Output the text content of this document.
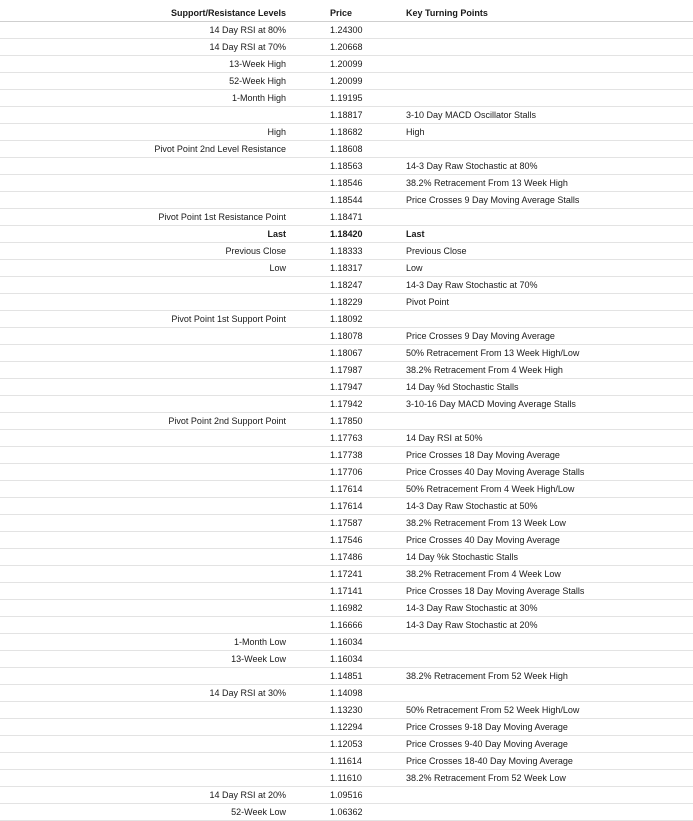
Support/Resistance Levels	Price	Key Turning Points
14 Day RSI at 80%	1.24300	
14 Day RSI at 70%	1.20668	
13-Week High	1.20099	
52-Week High	1.20099	
1-Month High	1.19195	
	1.18817	3-10 Day MACD Oscillator Stalls
High	1.18682	High
Pivot Point 2nd Level Resistance	1.18608	
	1.18563	14-3 Day Raw Stochastic at 80%
	1.18546	38.2% Retracement From 13 Week High
	1.18544	Price Crosses 9 Day Moving Average Stalls
Pivot Point 1st Resistance Point	1.18471	
Last	1.18420	Last
Previous Close	1.18333	Previous Close
Low	1.18317	Low
	1.18247	14-3 Day Raw Stochastic at 70%
	1.18229	Pivot Point
Pivot Point 1st Support Point	1.18092	
	1.18078	Price Crosses 9 Day Moving Average
	1.18067	50% Retracement From 13 Week High/Low
	1.17987	38.2% Retracement From 4 Week High
	1.17947	14 Day %d Stochastic Stalls
	1.17942	3-10-16 Day MACD Moving Average Stalls
Pivot Point 2nd Support Point	1.17850	
	1.17763	14 Day RSI at 50%
	1.17738	Price Crosses 18 Day Moving Average
	1.17706	Price Crosses 40 Day Moving Average Stalls
	1.17614	50% Retracement From 4 Week High/Low
	1.17614	14-3 Day Raw Stochastic at 50%
	1.17587	38.2% Retracement From 13 Week Low
	1.17546	Price Crosses 40 Day Moving Average
	1.17486	14 Day %k Stochastic Stalls
	1.17241	38.2% Retracement From 4 Week Low
	1.17141	Price Crosses 18 Day Moving Average Stalls
	1.16982	14-3 Day Raw Stochastic at 30%
	1.16666	14-3 Day Raw Stochastic at 20%
1-Month Low	1.16034	
13-Week Low	1.16034	
	1.14851	38.2% Retracement From 52 Week High
14 Day RSI at 30%	1.14098	
	1.13230	50% Retracement From 52 Week High/Low
	1.12294	Price Crosses 9-18 Day Moving Average
	1.12053	Price Crosses 9-40 Day Moving Average
	1.11614	Price Crosses 18-40 Day Moving Average
	1.11610	38.2% Retracement From 52 Week Low
14 Day RSI at 20%	1.09516	
52-Week Low	1.06362	
